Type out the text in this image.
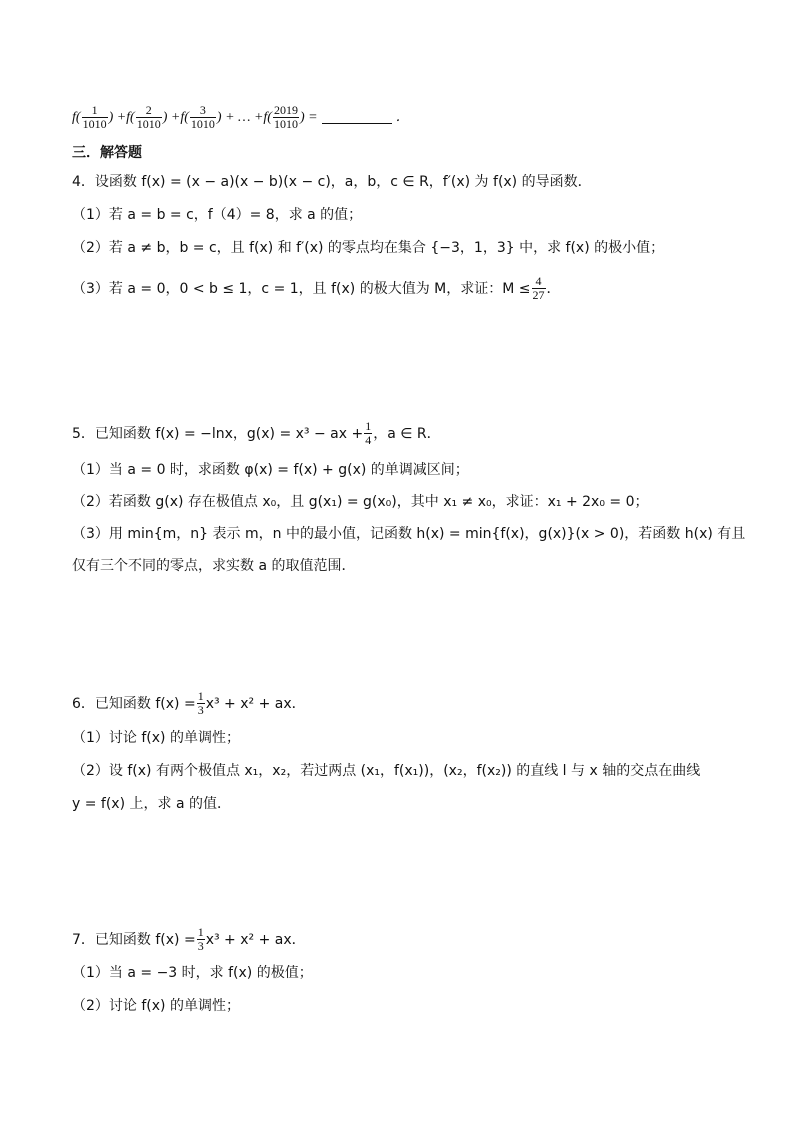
$f( \frac{1}{1010}$ ) + $f( \frac{2}{1010}$ ) + $f( \frac{3}{1010}$ ) + … + $f( \frac{2019}{1010}$ ) =	．
三．解答题
4．设函数 f(x) = (x − a)(x − b)(x − c)，a，b，c ∈ R，f′(x) 为 f(x) 的导函数．
（1）若 a = b = c，f（4）= 8，求 a 的值；
（2）若 a ≠ b，b = c，且 f(x) 和 f′(x) 的零点均在集合 {−3，1，3} 中，求 f(x) 的极小值；
（3）若 a = 0，0 < b ≤ 1，c = 1，且 f(x) 的极大值为 M，求证：$M \le \frac{4}{27}$ ．
5．已知函数 f(x) = −lnx，g(x) = x³ − ax + $\frac{1}{4}$ ，a ∈ R．
（1）当 a = 0 时，求函数 φ(x) = f(x) + g(x) 的单调减区间；
（2）若函数 g(x) 存在极值点 x₀，且 g(x₁) = g(x₀)，其中 x₁ ≠ x₀，求证：x₁ + 2x₀ = 0；
（3）用 min{m，n} 表示 m，n 中的最小值，记函数 h(x) = min{f(x)，g(x)}(x > 0)，若函数 h(x) 有且
仅有三个不同的零点，求实数 a 的取值范围．
6．已知函数 $f(x) = \frac{1}{3} x^3 + x^2$ + ax．
（1）讨论 f(x) 的单调性；
（2）设 f(x) 有两个极值点 x₁，x₂，若过两点 (x₁，f(x₁))，(x₂，f(x₂)) 的直线 l 与 x 轴的交点在曲线
y = f(x) 上，求 a 的值．
7．已知函数 $f(x) = \frac{1}{3} x^3 + x^2$ + ax．
（1）当 a = −3 时，求 f(x) 的极值；
（2）讨论 f(x) 的单调性；
